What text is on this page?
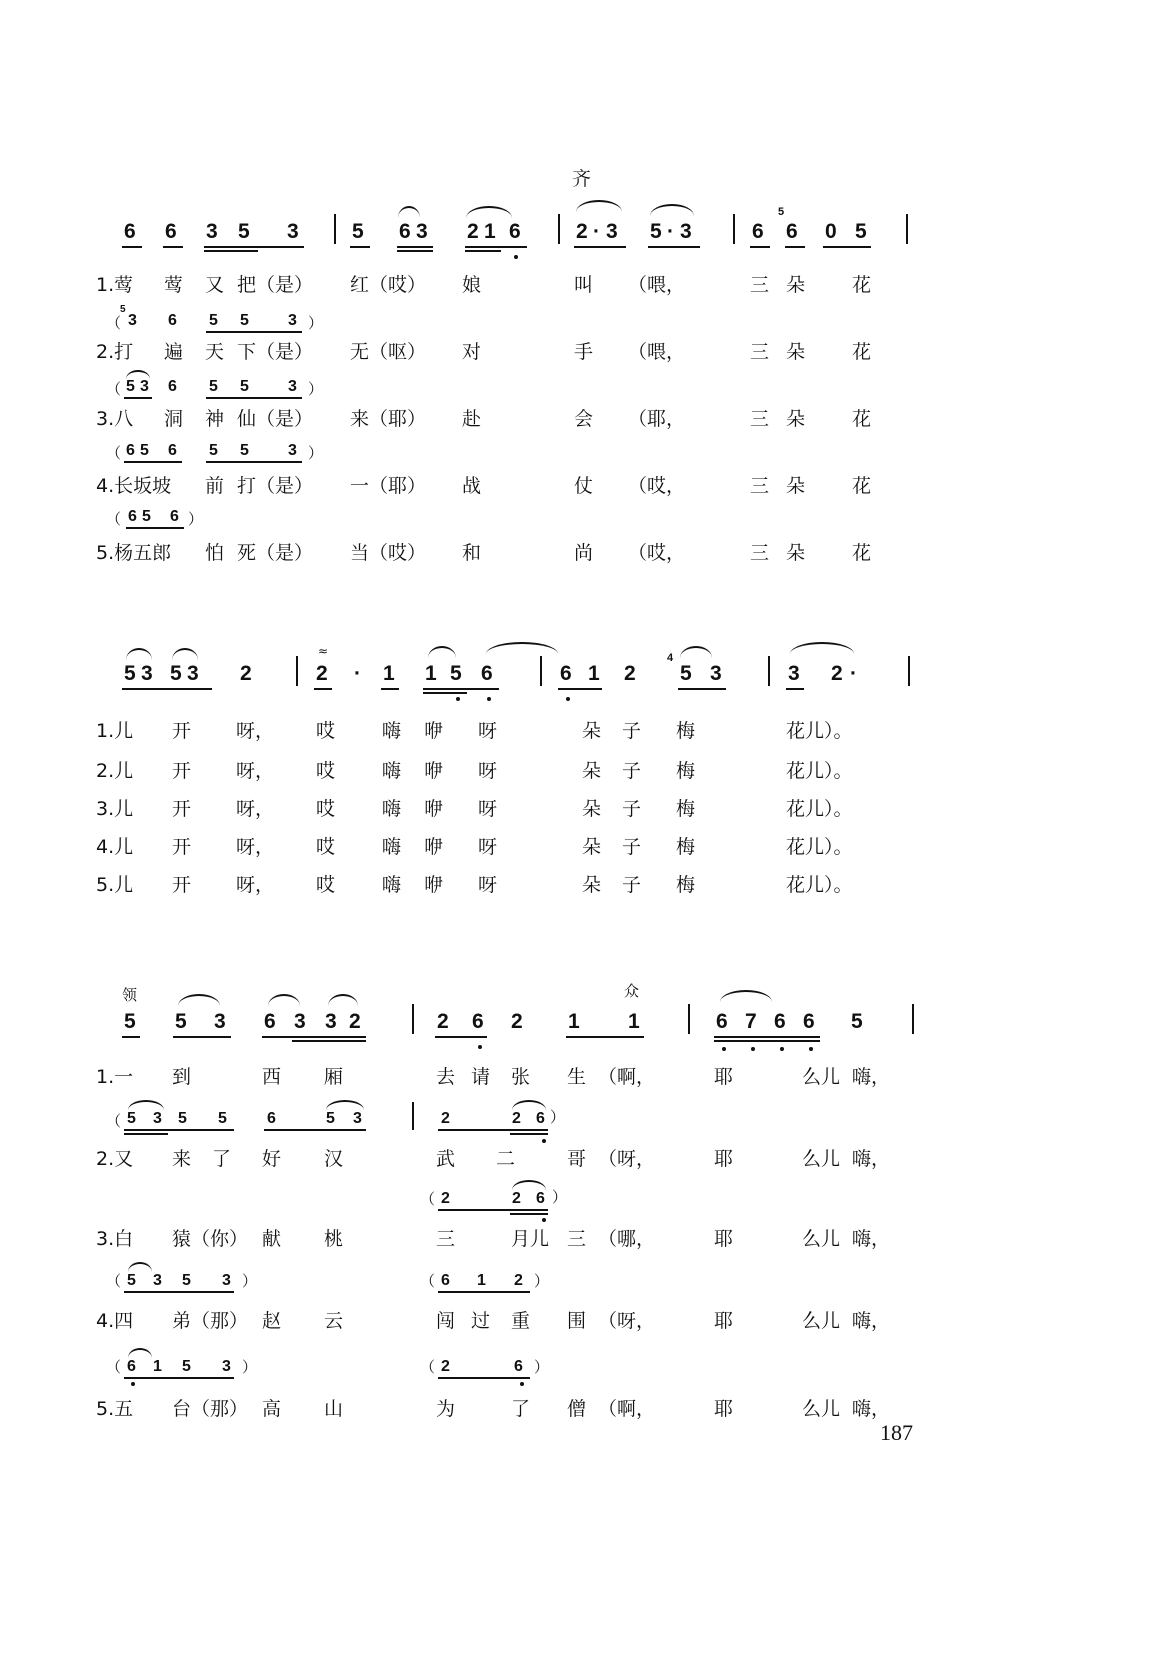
齐
6 6 3 5 3	5 6 3 2 1 6	2 · 3 5 · 3	6
5
6 0 5
1.莺 莺 又 把（是） 红（哎） 娘	叫 （喂，	三 朵 花
（
5
3 6 5 5 3 ）
2.打 遍 天 下（是） 无（呕） 对	手 （喂，	三 朵 花
（ 5 3 6 5 5 3 ）
3.八 洞 神 仙（是） 来（耶） 赴	会 （耶，	三 朵 花
（ 6 5 6 5 5 3 ）
4.长坂坡 前 打（是） 一（耶） 战	仗 （哎，	三 朵 花
（ 6 5 6 ）
5.杨五郎 怕 死（是） 当（哎） 和	尚 （哎，	三 朵 花
5 3 5 3 2	2 · 1 1 5 6	6 1 2
4
5 3	3 2 ·
≈
1.儿 开 呀， 哎 嗨 咿 呀	朵 子 梅	花儿）。
2.儿 开 呀， 哎 嗨 咿 呀	朵 子 梅	花儿）。
3.儿 开 呀， 哎 嗨 咿 呀	朵 子 梅	花儿）。
4.儿 开 呀， 哎 嗨 咿 呀	朵 子 梅	花儿）。
5.儿 开 呀， 哎 嗨 咿 呀	朵 子 梅	花儿）。
领	众
5 5 3 6 3 3 2	2 6 2 1 1	6 7 6 6 5
1.一 到	西 厢	去 请 张 生 （啊，	耶	么儿 嗨，
（ 5 3 5 5	6	5 3	2	2 6 ）
2.又 来 了 好 汉	武 二	哥 （呀，	耶	么儿 嗨，
（ 2	2 6 ）
3.白 猿（你） 献 桃	三	月儿 三 （哪，	耶	么儿 嗨，
（ 5 3 5 3 ）	（ 6 1 2 ）
4.四 弟（那） 赵 云	闯 过 重 围 （呀，	耶	么儿 嗨，
（ 6 1 5 3 ）	（ 2	6 ）
5.五 台（那） 高 山	为	了 僧 （啊，	耶	么儿 嗨，
187
